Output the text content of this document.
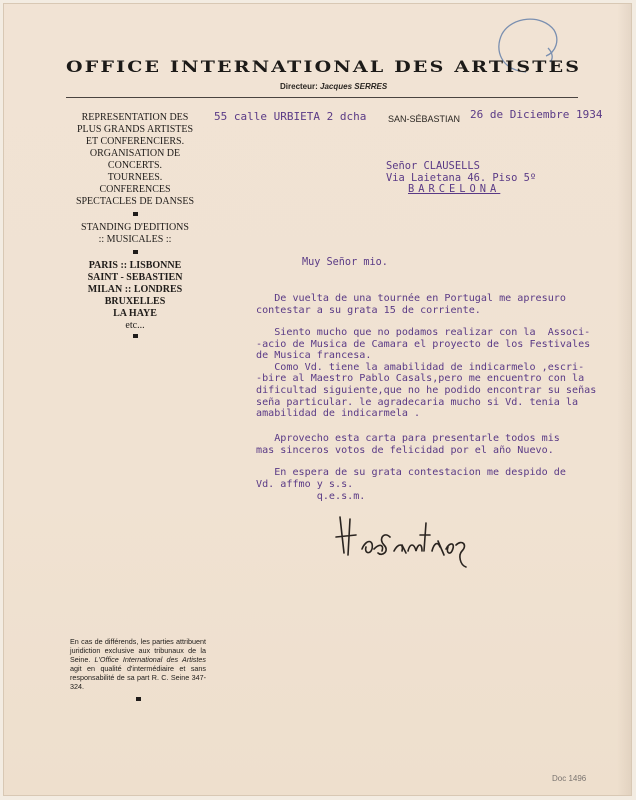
OFFICE INTERNATIONAL DES ARTISTES
Directeur: Jacques SERRES
REPRESENTATION DES
PLUS GRANDS ARTISTES
ET CONFERENCIERS.
ORGANISATION DE
CONCERTS.
TOURNEES.
CONFERENCES
SPECTACLES DE DANSES
STANDING D'EDITIONS
:: MUSICALES ::
PARIS :: LISBONNE
SAINT - SEBASTIEN
MILAN :: LONDRES
BRUXELLES
LA HAYE
etc...
En cas de différends, les parties attribuent juridiction exclusive aux tribunaux de la Seine. L'Office International des Artistes agit en qualité d'intermédiaire et sans responsabilité de sa part R. C. Seine 347-324.
55 calle URBIETA 2 dcha SAN-SÉBASTIAN 26 de Diciembre 1934
Señor CLAUSELLS
Via Laietana 46. Piso 5º
BARCELONA
Muy Señor mio.
De vuelta de una tournée en Portugal me apresuro
contestar a su grata 15 de corriente.
Siento mucho que no podamos realizar con la  Associ-
-acio de Musica de Camara el proyecto de los Festivales
de Musica francesa.
Como Vd. tiene la amabilidad de indicarmelo ,escri-
-bire al Maestro Pablo Casals,pero me encuentro con la
dificultad siguiente,que no he podido encontrar su señas
seña particular. le agradecaria mucho si Vd. tenia la
amabilidad de indicarmela .
Aprovecho esta carta para presentarle todos mis
mas sinceros votos de felicidad por el año Nuevo.
En espera de su grata contestacion me despido de
Vd. affmo y s.s.
q.e.s.m.
Doc 1496
